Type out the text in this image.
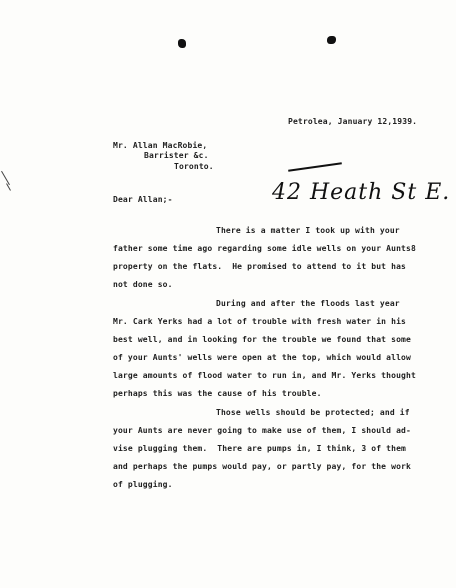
Petrolea, January 12,1939.
Mr. Allan MacRobie,
Barrister &c.
Toronto.

42 Heath St E.

Dear Allan;-
There is a matter I took up with your
father some time ago regarding some idle wells on your Aunts8
property on the flats.  He promised to attend to it but has
not done so.
During and after the floods last year
Mr. Cark Yerks had a lot of trouble with fresh water in his
best well, and in looking for the trouble we found that some
of your Aunts' wells were open at the top, which would allow
large amounts of flood water to run in, and Mr. Yerks thought
perhaps this was the cause of his trouble.
Those wells should be protected; and if
your Aunts are never going to make use of them, I should ad-
vise plugging them.  There are pumps in, I think, 3 of them
and perhaps the pumps would pay, or partly pay, for the work
of plugging.
